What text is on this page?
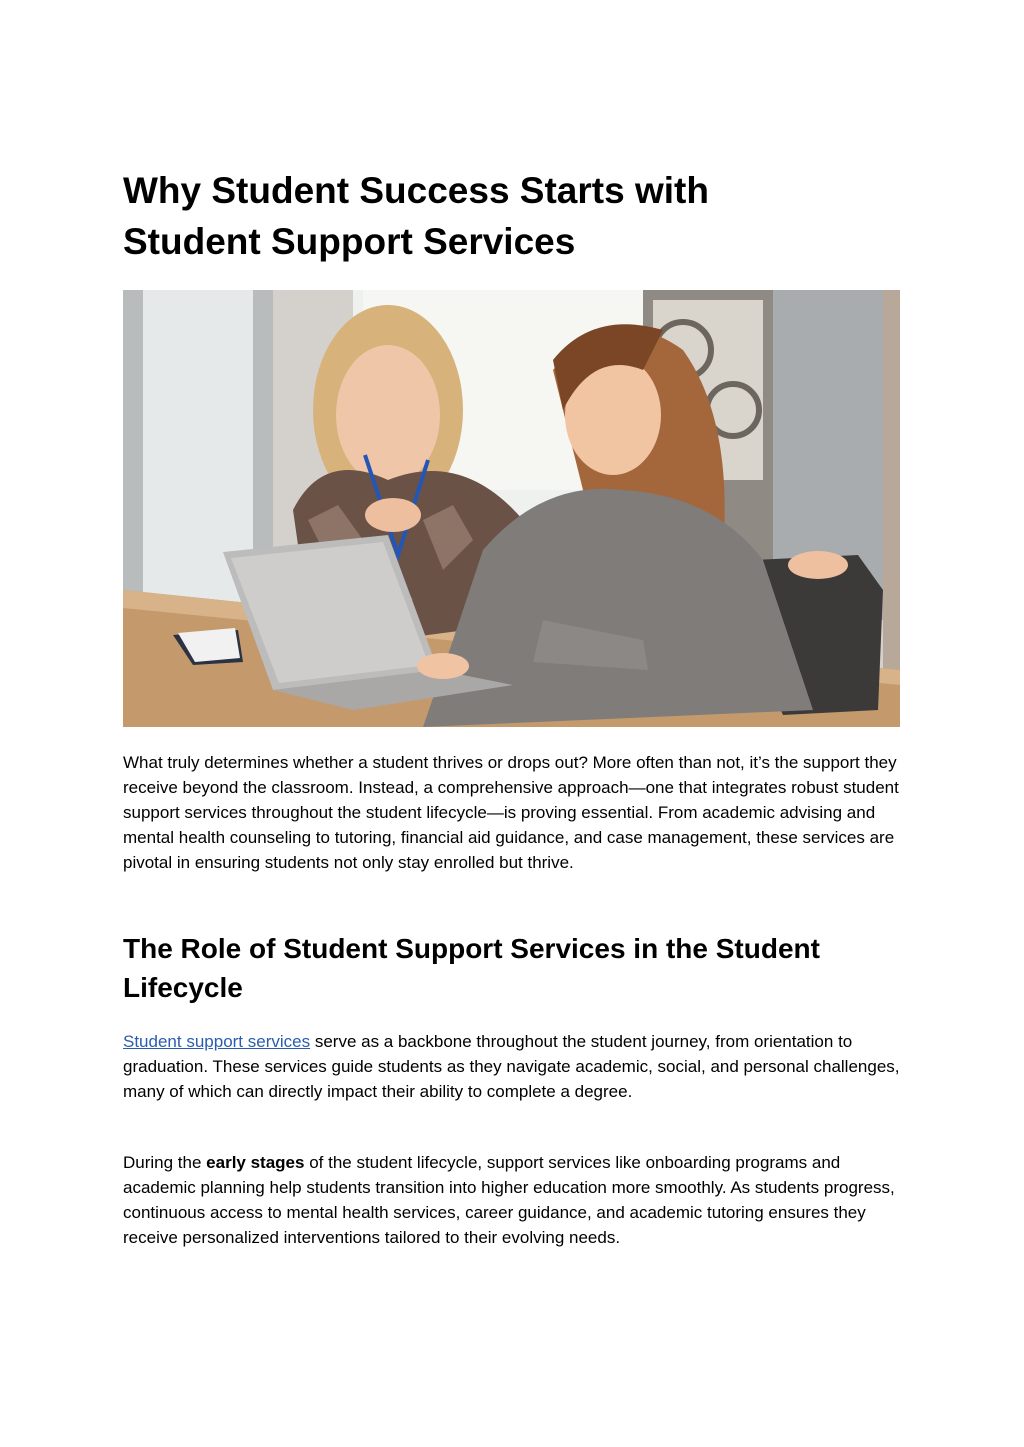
Why Student Success Starts with
Student Support Services

What truly determines whether a student thrives or drops out? More often than not, it’s the support they receive beyond the classroom. Instead, a comprehensive approach—one that integrates robust student support services throughout the student lifecycle—is proving essential. From academic advising and mental health counseling to tutoring, financial aid guidance, and case management, these services are pivotal in ensuring students not only stay enrolled but thrive.

The Role of Student Support Services in the Student
Lifecycle

Student support services serve as a backbone throughout the student journey, from orientation to graduation. These services guide students as they navigate academic, social, and personal challenges, many of which can directly impact their ability to complete a degree.

During the early stages of the student lifecycle, support services like onboarding programs and academic planning help students transition into higher education more smoothly. As students progress, continuous access to mental health services, career guidance, and academic tutoring ensures they receive personalized interventions tailored to their evolving needs.
